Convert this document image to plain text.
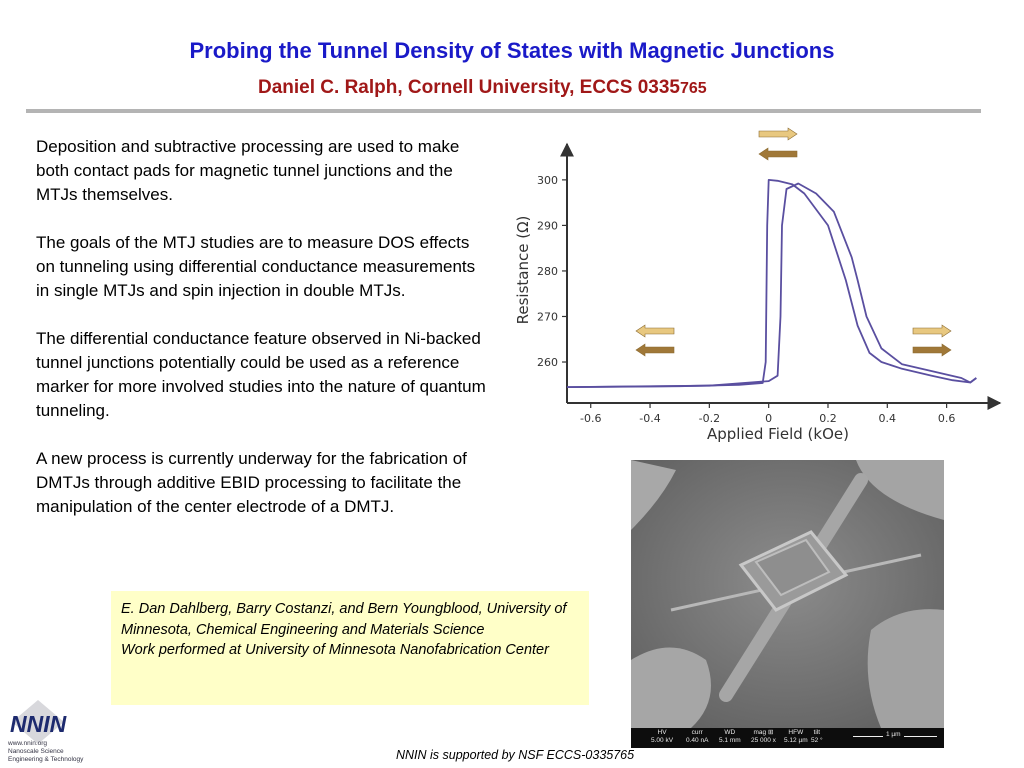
Probing the Tunnel Density of States with Magnetic Junctions
Daniel C. Ralph, Cornell University, ECCS 0335765

Deposition and subtractive processing are used to make both contact pads for magnetic tunnel junctions and the MTJs themselves.

The goals of the MTJ studies are to measure DOS effects on tunneling using differential conductance measurements in single MTJs and spin injection in double MTJs.

The differential conductance feature observed in Ni-backed tunnel junctions potentially could be used as a reference marker for more involved studies into the nature of quantum tunneling.

A new process is currently underway for the fabrication of DMTJs through additive EBID processing to facilitate the manipulation of the center electrode of a DMTJ.

-0.6	-0.4	-0.2	0	0.2	0.4	0.6
260
270
280
290
300
Applied Field (kOe)
Resistance (Ω)
HV
5.00 kV
curr
0.40 nA
WD
5.1 mm
mag ⊞
25 000 x
HFW
5.12 µm
tilt
52 °
1 µm
E. Dan Dahlberg, Barry Costanzi, and Bern Youngblood, University of Minnesota, Chemical Engineering and Materials Science
Work performed at University of Minnesota Nanofabrication Center
NNIN
www.nnin.org
Nanoscale Science
Engineering & Technology	NNIN is supported by NSF ECCS-0335765
